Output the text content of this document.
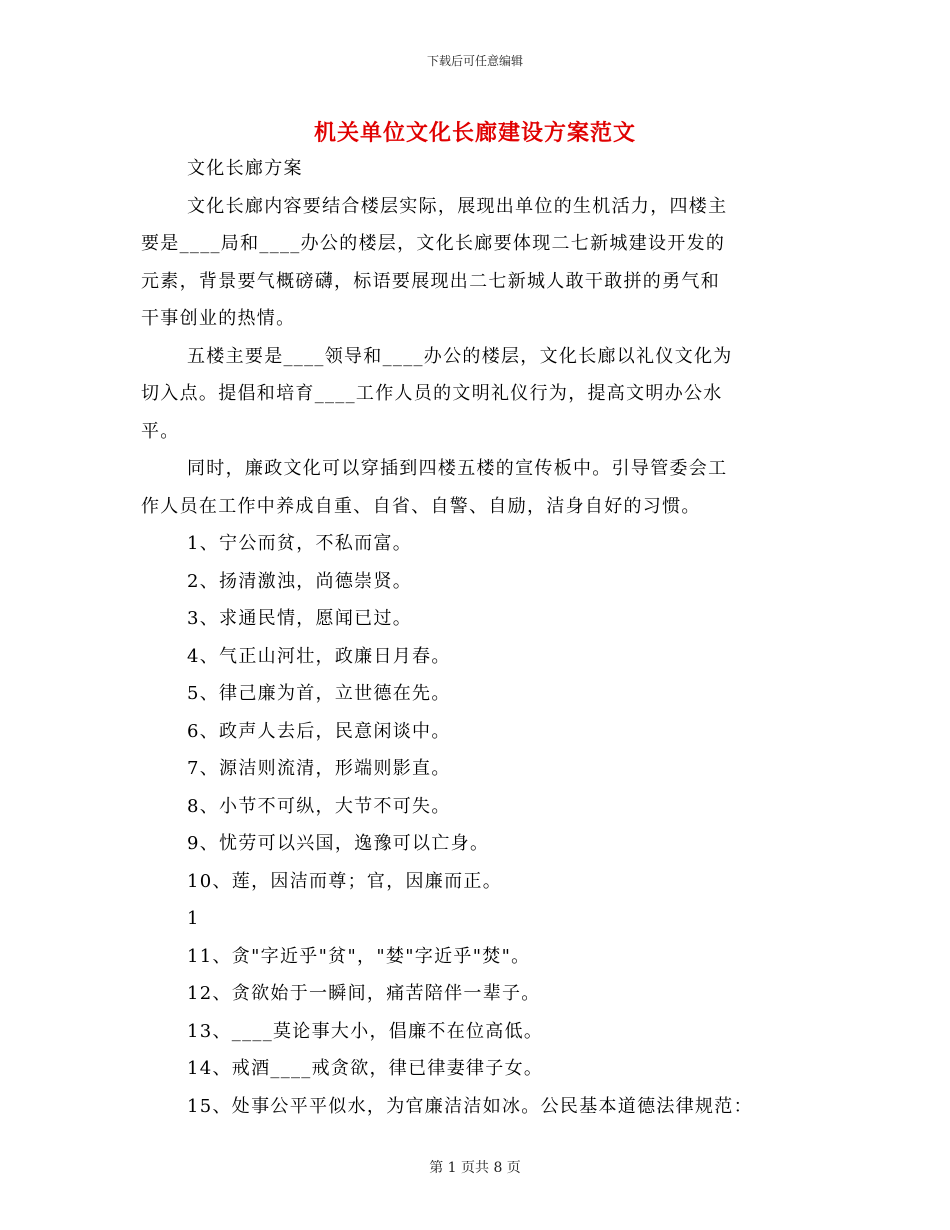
下载后可任意编辑
机关单位文化长廊建设方案范文
文化长廊方案
文化长廊内容要结合楼层实际，展现出单位的生机活力，四楼主
要是____局和____办公的楼层，文化长廊要体现二七新城建设开发的
元素，背景要气概磅礴，标语要展现出二七新城人敢干敢拼的勇气和
干事创业的热情。
五楼主要是____领导和____办公的楼层，文化长廊以礼仪文化为
切入点。提倡和培育____工作人员的文明礼仪行为，提高文明办公水
平。
同时，廉政文化可以穿插到四楼五楼的宣传板中。引导管委会工
作人员在工作中养成自重、自省、自警、自励，洁身自好的习惯。
1、宁公而贫，不私而富。
2、扬清激浊，尚德崇贤。
3、求通民情，愿闻已过。
4、气正山河壮，政廉日月春。
5、律己廉为首，立世德在先。
6、政声人去后，民意闲谈中。
7、源洁则流清，形端则影直。
8、小节不可纵，大节不可失。
9、忧劳可以兴国，逸豫可以亡身。
10、莲，因洁而尊；官，因廉而正。
1
11、贪"字近乎"贫"，"婪"字近乎"焚"。
12、贪欲始于一瞬间，痛苦陪伴一辈子。
13、____莫论事大小，倡廉不在位高低。
14、戒酒____戒贪欲，律已律妻律子女。
15、处事公平平似水，为官廉洁洁如冰。公民基本道德法律规范：
第 1 页共 8 页
